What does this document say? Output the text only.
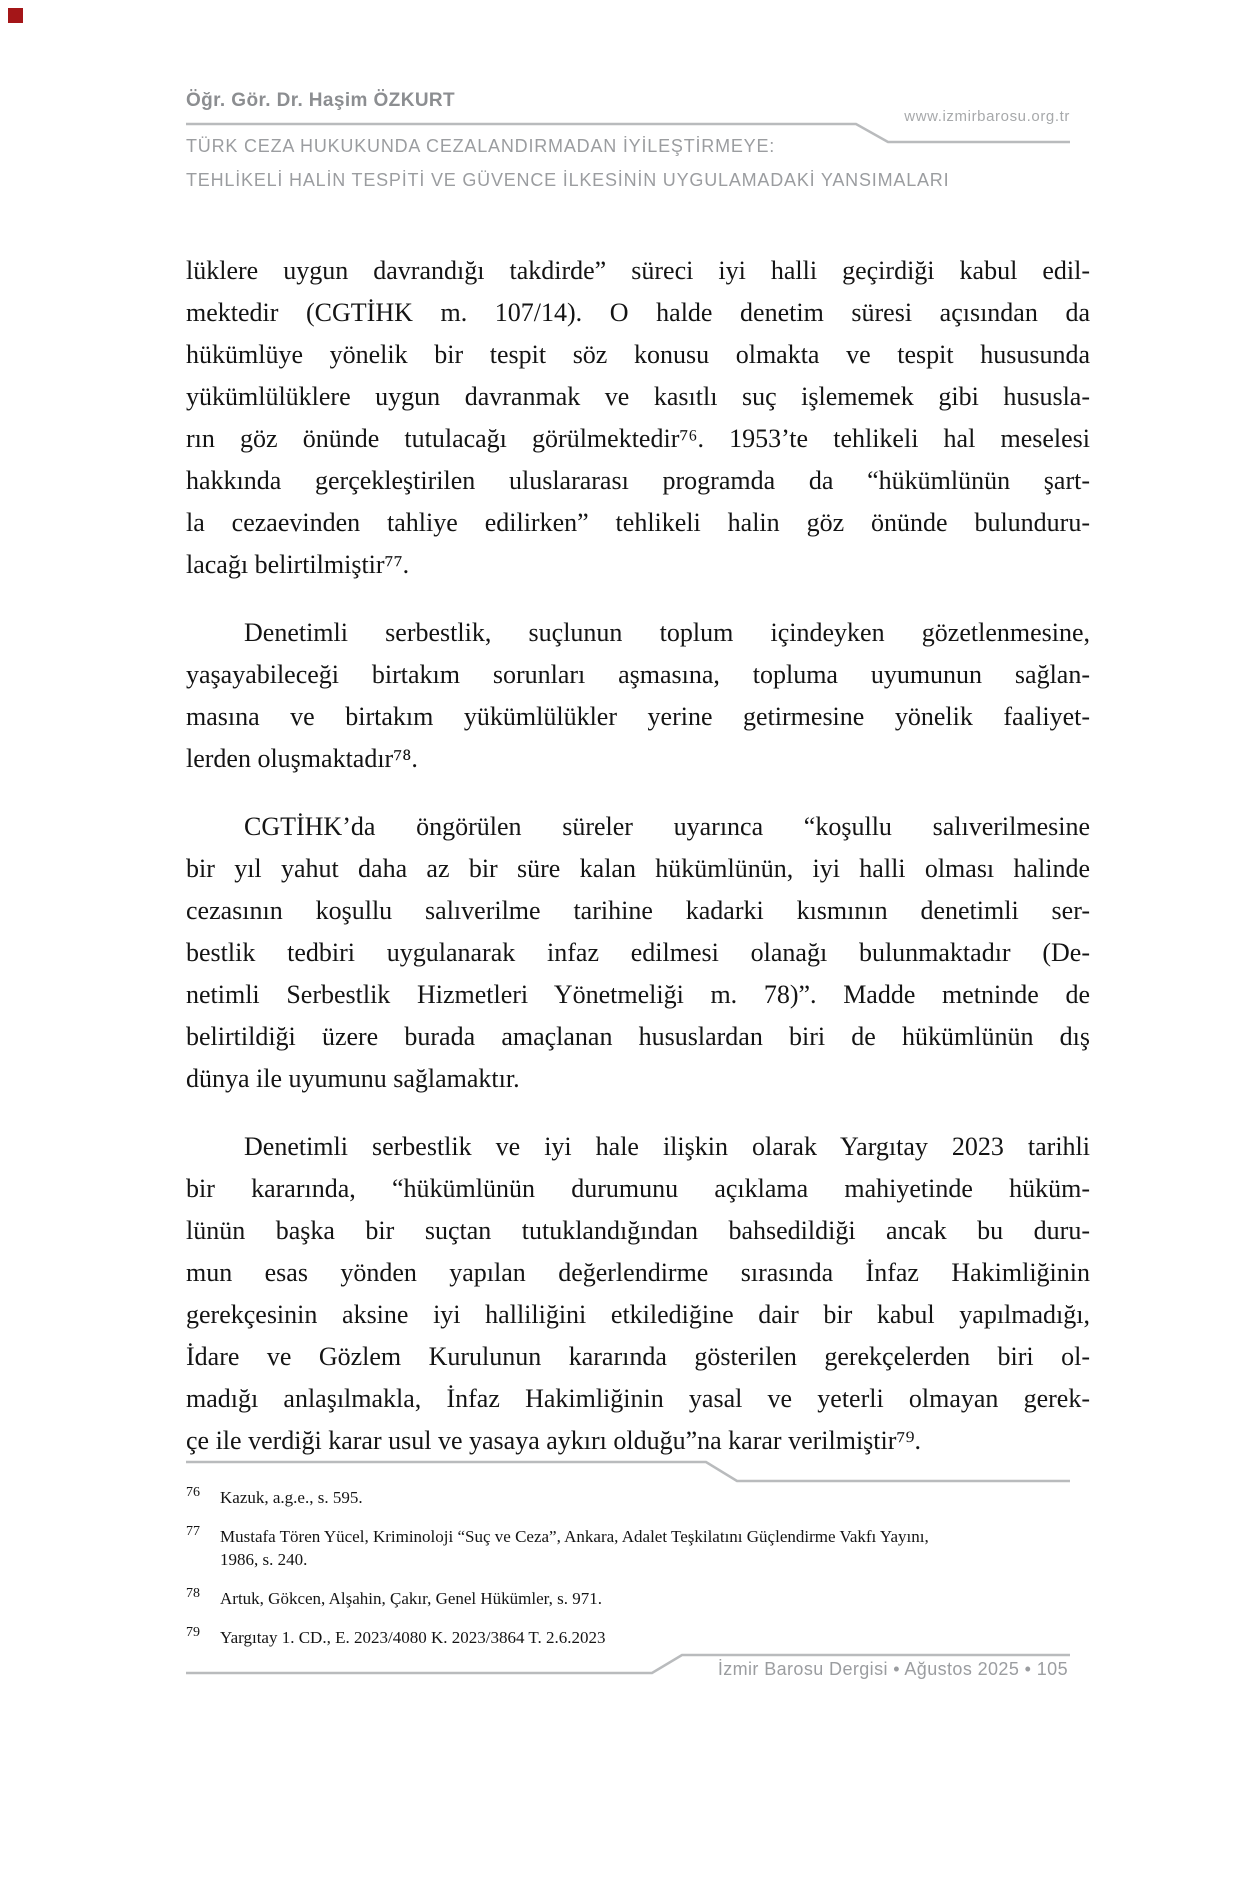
Öğr. Gör. Dr. Haşim ÖZKURT
www.izmirbarosu.org.tr
TÜRK CEZA HUKUKUNDA CEZALANDIRMADAN İYİLEŞTİRMEYE:
TEHLİKELİ HALİN TESPİTİ VE GÜVENCE İLKESİNİN UYGULAMADAKİ YANSIMALARI
lüklere uygun davrandığı takdirde” süreci iyi halli geçirdiği kabul edil-
mektedir (CGTİHK m. 107/14). O halde denetim süresi açısından da
hükümlüye yönelik bir tespit söz konusu olmakta ve tespit hususunda
yükümlülüklere uygun davranmak ve kasıtlı suç işlememek gibi hususla-
rın göz önünde tutulacağı görülmektedir⁷⁶. 1953’te tehlikeli hal meselesi
hakkında gerçekleştirilen uluslararası programda da “hükümlünün şart-
la cezaevinden tahliye edilirken” tehlikeli halin göz önünde bulunduru-
lacağı belirtilmiştir⁷⁷.
Denetimli serbestlik, suçlunun toplum içindeyken gözetlenmesine,
yaşayabileceği birtakım sorunları aşmasına, topluma uyumunun sağlan-
masına ve birtakım yükümlülükler yerine getirmesine yönelik faaliyet-
lerden oluşmaktadır⁷⁸.
CGTİHK’da öngörülen süreler uyarınca “koşullu salıverilmesine
bir yıl yahut daha az bir süre kalan hükümlünün, iyi halli olması halinde
cezasının koşullu salıverilme tarihine kadarki kısmının denetimli ser-
bestlik tedbiri uygulanarak infaz edilmesi olanağı bulunmaktadır (De-
netimli Serbestlik Hizmetleri Yönetmeliği m. 78)”. Madde metninde de
belirtildiği üzere burada amaçlanan hususlardan biri de hükümlünün dış
dünya ile uyumunu sağlamaktır.
Denetimli serbestlik ve iyi hale ilişkin olarak Yargıtay 2023 tarihli
bir kararında, “hükümlünün durumunu açıklama mahiyetinde hüküm-
lünün başka bir suçtan tutuklandığından bahsedildiği ancak bu duru-
mun esas yönden yapılan değerlendirme sırasında İnfaz Hakimliğinin
gerekçesinin aksine iyi halliliğini etkilediğine dair bir kabul yapılmadığı,
İdare ve Gözlem Kurulunun kararında gösterilen gerekçelerden biri ol-
madığı anlaşılmakla, İnfaz Hakimliğinin yasal ve yeterli olmayan gerek-
çe ile verdiği karar usul ve yasaya aykırı olduğu”na karar verilmiştir⁷⁹.
76 Kazuk, a.g.e., s. 595.
77 Mustafa Tören Yücel, Kriminoloji “Suç ve Ceza”, Ankara, Adalet Teşkilatını Güçlendirme Vakfı Yayını,
1986, s. 240.
78 Artuk, Gökcen, Alşahin, Çakır, Genel Hükümler, s. 971.
79 Yargıtay 1. CD., E. 2023/4080 K. 2023/3864 T. 2.6.2023
İzmir Barosu Dergisi • Ağustos 2025 • 105
